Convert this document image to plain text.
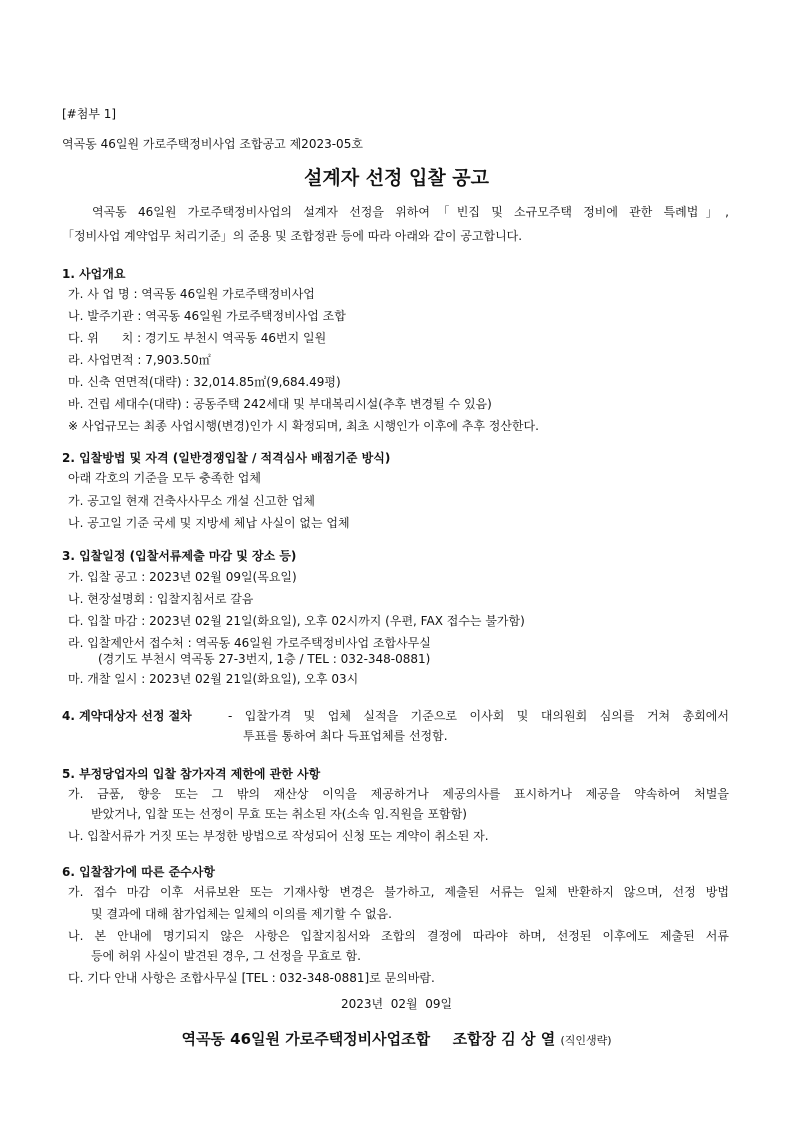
[#첨부 1]
역곡동 46일원 가로주택정비사업 조합공고 제2023-05호
설계자 선정 입찰 공고
역곡동 46일원 가로주택정비사업의 설계자 선정을 위하여「빈집 및 소규모주택 정비에 관한 특례법」,
「정비사업 계약업무 처리기준」의 준용 및 조합정관 등에 따라 아래와 같이 공고합니다.
1. 사업개요
가. 사 업 명 : 역곡동 46일원 가로주택정비사업
나. 발주기관 : 역곡동 46일원 가로주택정비사업 조합
다. 위      치 : 경기도 부천시 역곡동 46번지 일원
라. 사업면적 : 7,903.50㎡
마. 신축 연면적(대략) : 32,014.85㎡(9,684.49평)
바. 건립 세대수(대략) : 공동주택 242세대 및 부대복리시설(추후 변경될 수 있음)
※ 사업규모는 최종 사업시행(변경)인가 시 확정되며, 최초 시행인가 이후에 추후 정산한다.
2. 입찰방법 및 자격 (일반경쟁입찰 / 적격심사 배점기준 방식)
아래 각호의 기준을 모두 충족한 업체
가. 공고일 현재 건축사사무소 개설 신고한 업체
나. 공고일 기준 국세 및 지방세 체납 사실이 없는 업체
3. 입찰일정 (입찰서류제출 마감 및 장소 등)
가. 입찰 공고 : 2023년 02월 09일(목요일)
나. 현장설명회 : 입찰지침서로 갈음
다. 입찰 마감 : 2023년 02월 21일(화요일), 오후 02시까지 (우편, FAX 접수는 불가함)
라. 입찰제안서 접수처 : 역곡동 46일원 가로주택정비사업 조합사무실
(경기도 부천시 역곡동 27-3번지, 1층 / TEL : 032-348-0881)
마. 개찰 일시 : 2023년 02월 21일(화요일), 오후 03시
4. 계약대상자 선정 절차	- 입찰가격 및 업체 실적을 기준으로 이사회 및 대의원회 심의를 거쳐 총회에서
투표를 통하여 최다 득표업체를 선정함.
5. 부정당업자의 입찰 참가자격 제한에 관한 사항
가. 금품, 향응 또는 그 밖의 재산상 이익을 제공하거나 제공의사를 표시하거나 제공을 약속하여 처벌을
받았거나, 입찰 또는 선정이 무효 또는 취소된 자(소속 임.직원을 포함함)
나. 입찰서류가 거짓 또는 부정한 방법으로 작성되어 신청 또는 계약이 취소된 자.
6. 입찰참가에 따른 준수사항
가. 접수 마감 이후 서류보완 또는 기재사항 변경은 불가하고, 제출된 서류는 일체 반환하지 않으며, 선정 방법
및 결과에 대해 참가업체는 일체의 이의를 제기할 수 없음.
나. 본 안내에 명기되지 않은 사항은 입찰지침서와 조합의 결정에 따라야 하며, 선정된 이후에도 제출된 서류
등에 허위 사실이 발견된 경우, 그 선정을 무효로 함.
다. 기다 안내 사항은 조합사무실 [TEL : 032-348-0881]로 문의바람.
2023년  02월  09일
역곡동 46일원 가로주택정비사업조합 조합장 김 상 열 (직인생략)
